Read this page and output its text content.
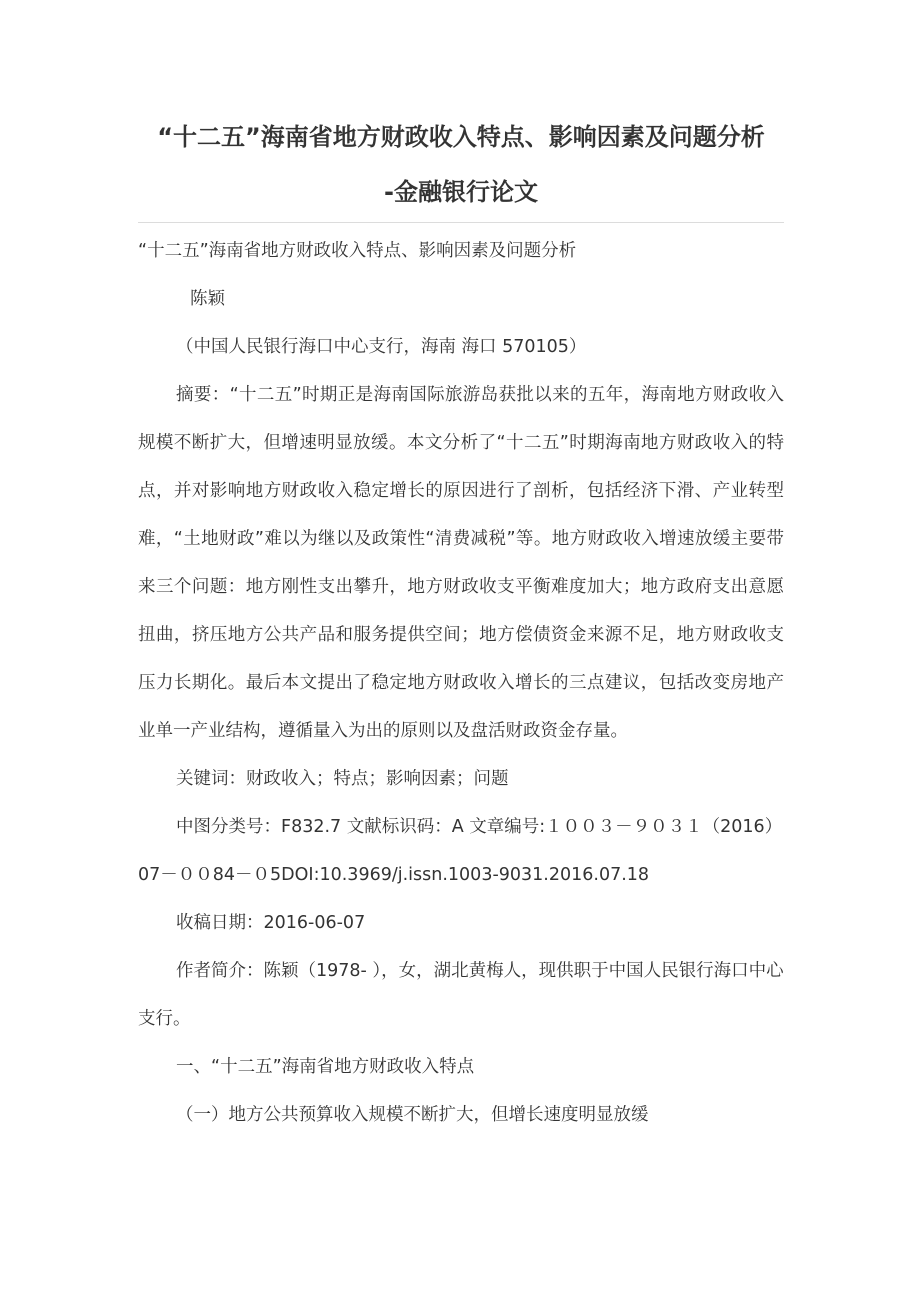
“十二五”海南省地方财政收入特点、影响因素及问题分析
-金融银行论文

“十二五”海南省地方财政收入特点、影响因素及问题分析

陈颖

（中国人民银行海口中心支行，海南 海口 570105）

摘要：“十二五”时期正是海南国际旅游岛获批以来的五年，海南地方财政收入规模不断扩大，但增速明显放缓。本文分析了“十二五”时期海南地方财政收入的特点，并对影响地方财政收入稳定增长的原因进行了剖析，包括经济下滑、产业转型难，“土地财政”难以为继以及政策性“清费减税”等。地方财政收入增速放缓主要带来三个问题：地方刚性支出攀升，地方财政收支平衡难度加大；地方政府支出意愿扭曲，挤压地方公共产品和服务提供空间；地方偿债资金来源不足，地方财政收支压力长期化。最后本文提出了稳定地方财政收入增长的三点建议，包括改变房地产业单一产业结构，遵循量入为出的原则以及盘活财政资金存量。

关键词：财政收入；特点；影响因素；问题

中图分类号：F832.7 文献标识码：A 文章编号:１００３－９０３１（2016）07－００84－０5DOI:10.3969/j.issn.1003-9031.2016.07.18

收稿日期：2016-06-07

作者简介：陈颖（1978- ），女，湖北黄梅人，现供职于中国人民银行海口中心支行。

一、“十二五”海南省地方财政收入特点

（一）地方公共预算收入规模不断扩大，但增长速度明显放缓
